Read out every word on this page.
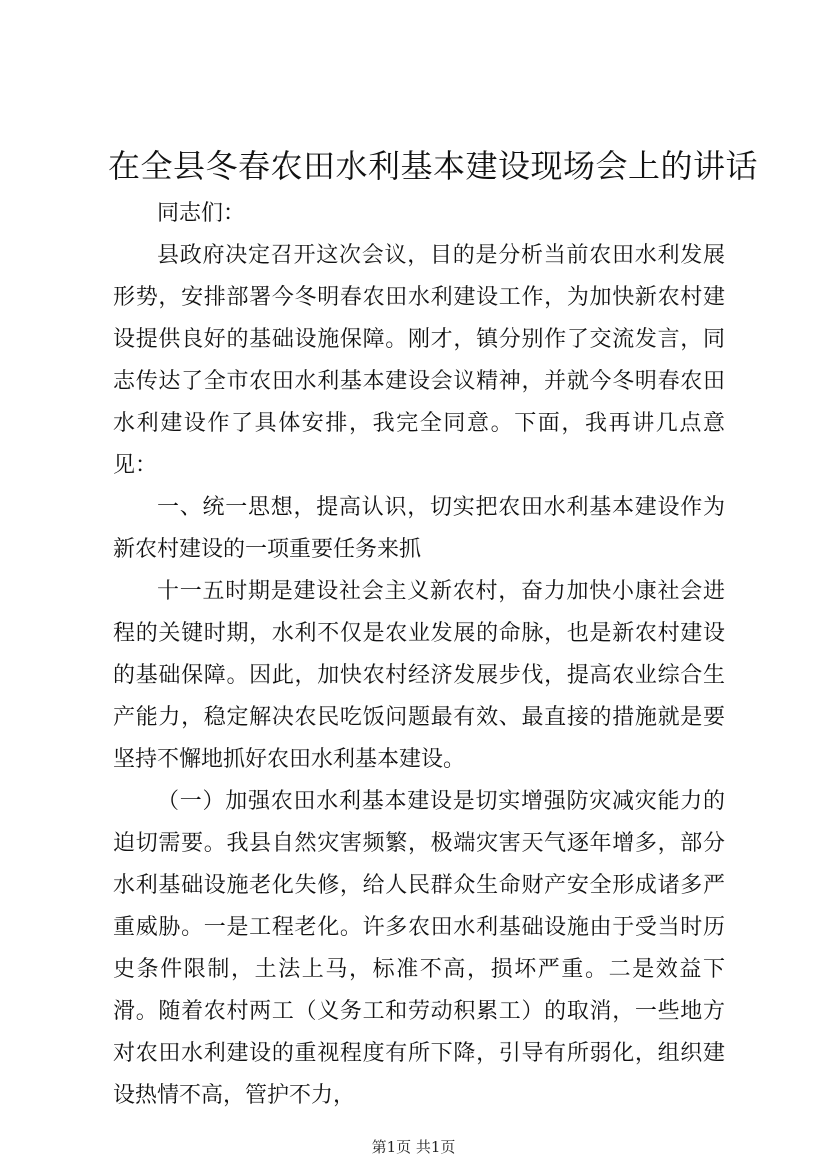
在全县冬春农田水利基本建设现场会上的讲话

同志们：

县政府决定召开这次会议，目的是分析当前农田水利发展形势，安排部署今冬明春农田水利建设工作，为加快新农村建设提供良好的基础设施保障。刚才，镇分别作了交流发言，同志传达了全市农田水利基本建设会议精神，并就今冬明春农田水利建设作了具体安排，我完全同意。下面，我再讲几点意见：

一、统一思想，提高认识，切实把农田水利基本建设作为新农村建设的一项重要任务来抓

十一五时期是建设社会主义新农村，奋力加快小康社会进程的关键时期，水利不仅是农业发展的命脉，也是新农村建设的基础保障。因此，加快农村经济发展步伐，提高农业综合生产能力，稳定解决农民吃饭问题最有效、最直接的措施就是要坚持不懈地抓好农田水利基本建设。

（一）加强农田水利基本建设是切实增强防灾减灾能力的迫切需要。我县自然灾害频繁，极端灾害天气逐年增多，部分水利基础设施老化失修，给人民群众生命财产安全形成诸多严重威胁。一是工程老化。许多农田水利基础设施由于受当时历史条件限制，土法上马，标准不高，损坏严重。二是效益下滑。随着农村两工（义务工和劳动积累工）的取消，一些地方对农田水利建设的重视程度有所下降，引导有所弱化，组织建设热情不高，管护不力，

第1页 共1页
